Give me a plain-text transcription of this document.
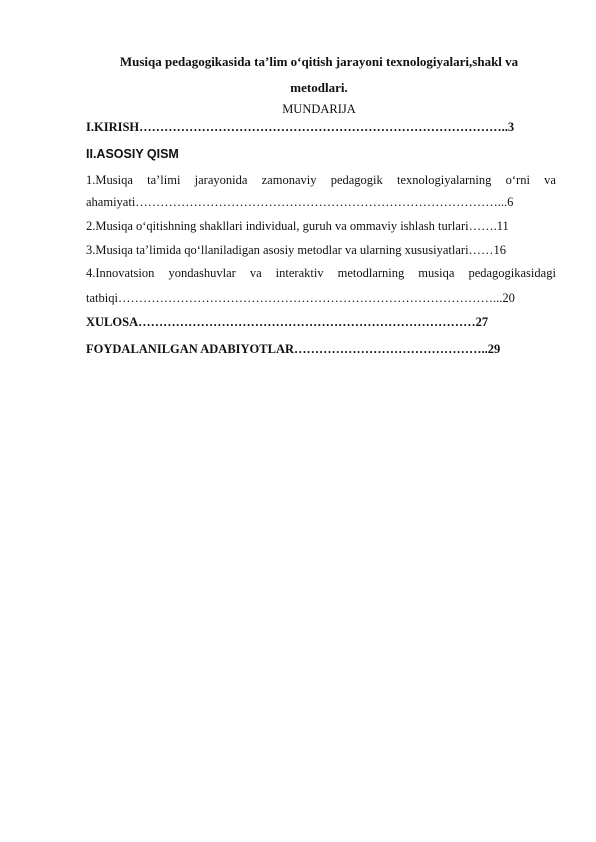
Musiqa pedagogikasida ta’lim o‘qitish jarayoni texnologiyalari,shakl va
metodlari.
MUNDARIJA
I.KIRISH……………………………………………………………………………..3
II.ASOSIY QISM
1.Musiqa ta’limi jarayonida zamonaviy pedagogik texnologiyalarning o‘rni va
ahamiyati……………………………………………………………………………...6
2.Musiqa o‘qitishning shakllari individual, guruh va ommaviy ishlash turlari…….11
3.Musiqa ta’limida qo‘llaniladigan asosiy metodlar va ularning xususiyatlari……16
4.Innovatsion yondashuvlar va interaktiv metodlarning musiqa pedagogikasidagi
tatbiqi………………………………………………………………………………...20
XULOSA………………………………………………………………………27
FOYDALANILGAN ADABIYOTLAR………………………………………..29
